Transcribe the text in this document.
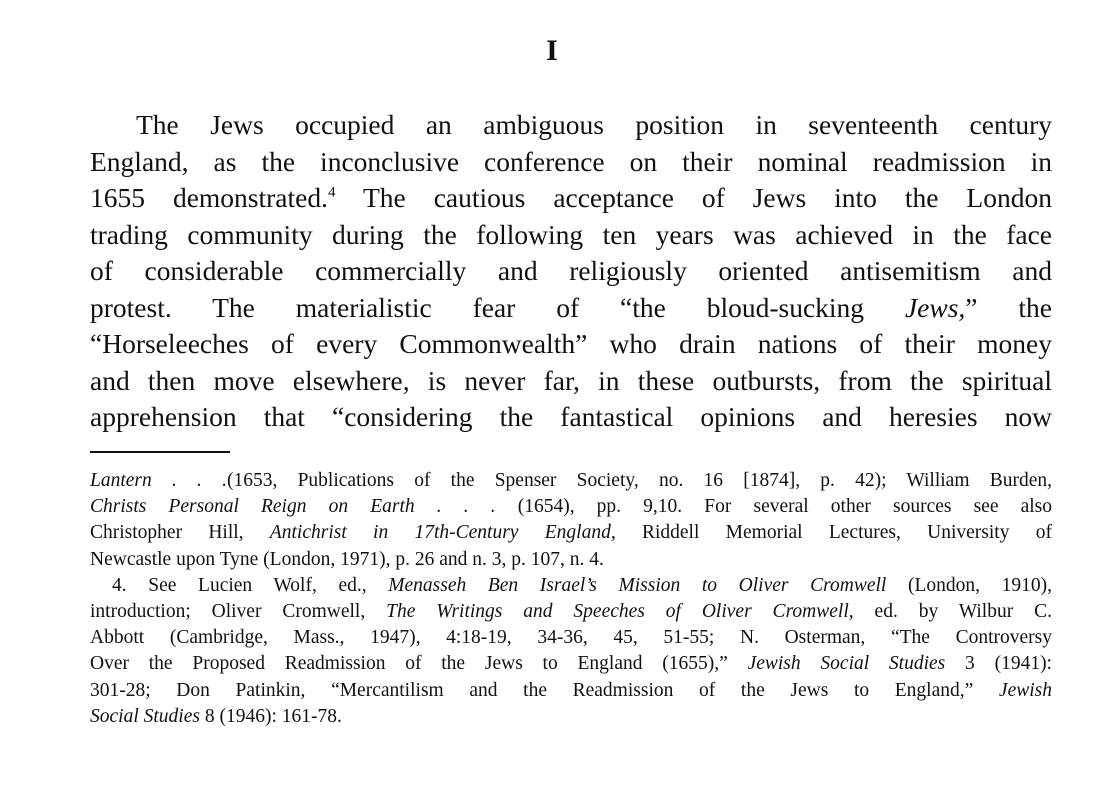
I
The Jews occupied an ambiguous position in seventeenth century
England, as the inconclusive conference on their nominal readmission in
1655 demonstrated.$^4$ The cautious acceptance of Jews into the London
trading community during the following ten years was achieved in the face
of considerable commercially and religiously oriented antisemitism and
protest. The materialistic fear of “the bloud-sucking Jews,” the
“Horseleeches of every Commonwealth” who drain nations of their money
and then move elsewhere, is never far, in these outbursts, from the spiritual
apprehension that “considering the fantastical opinions and heresies now
Lantern . . .(1653, Publications of the Spenser Society, no. 16 [1874], p. 42); William Burden,
Christs Personal Reign on Earth . . . (1654), pp. 9,10. For several other sources see also
Christopher Hill, Antichrist in 17th-Century England, Riddell Memorial Lectures, University of
Newcastle upon Tyne (London, 1971), p. 26 and n. 3, p. 107, n. 4.
4. See Lucien Wolf, ed., Menasseh Ben Israel’s Mission to Oliver Cromwell (London, 1910),
introduction; Oliver Cromwell, The Writings and Speeches of Oliver Cromwell, ed. by Wilbur C.
Abbott (Cambridge, Mass., 1947), 4:18-19, 34-36, 45, 51-55; N. Osterman, “The Controversy
Over the Proposed Readmission of the Jews to England (1655),” Jewish Social Studies 3 (1941):
301-28; Don Patinkin, “Mercantilism and the Readmission of the Jews to England,” Jewish
Social Studies 8 (1946): 161-78.
